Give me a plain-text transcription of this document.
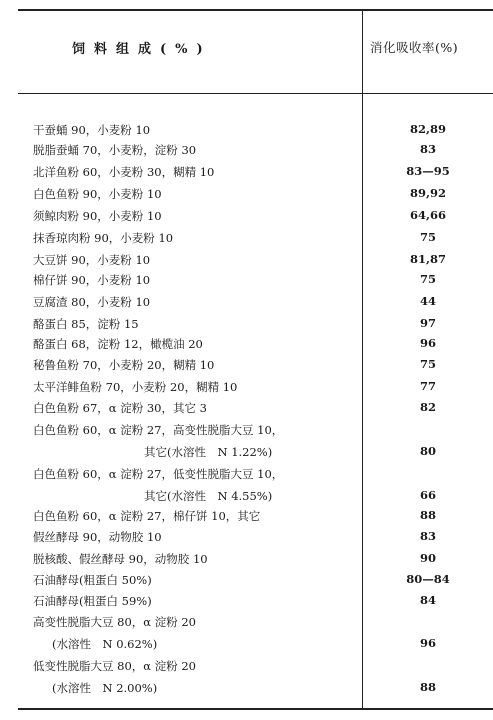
饲料组成(%)	消化吸收率(%)
干蚕蛹 90，小麦粉 10	82,89
脱脂蚕蛹 70，小麦粉，淀粉 30	83
北洋鱼粉 60，小麦粉 30，糊精 10	83—95
白色鱼粉 90，小麦粉 10	89,92
须鲸肉粉 90，小麦粉 10	64,66
抹香琼肉粉 90，小麦粉 10	75
大豆饼 90，小麦粉 10	81,87
棉仔饼 90，小麦粉 10	75
豆腐渣 80，小麦粉 10	44
酪蛋白 85，淀粉 15	97
酪蛋白 68，淀粉 12，橄榄油 20	96
秘鲁鱼粉 70，小麦粉 20，糊精 10	75
太平洋鲱鱼粉 70，小麦粉 20，糊精 10	77
白色鱼粉 67，α 淀粉 30，其它 3	82
白色鱼粉 60，α 淀粉 27，高变性脱脂大豆 10，
其它(水溶性　N 1.22%)	80
白色鱼粉 60，α 淀粉 27，低变性脱脂大豆 10，
其它(水溶性　N 4.55%)	66
白色鱼粉 60，α 淀粉 27，棉仔饼 10，其它	88
假丝酵母 90，动物胶 10	83
脱核酸、假丝酵母 90，动物胶 10	90
石油酵母(粗蛋白 50%)	80—84
石油酵母(粗蛋白 59%)	84
高变性脱脂大豆 80，α 淀粉 20
(水溶性　N 0.62%)	96
低变性脱脂大豆 80，α 淀粉 20
(水溶性　N 2.00%)	88
